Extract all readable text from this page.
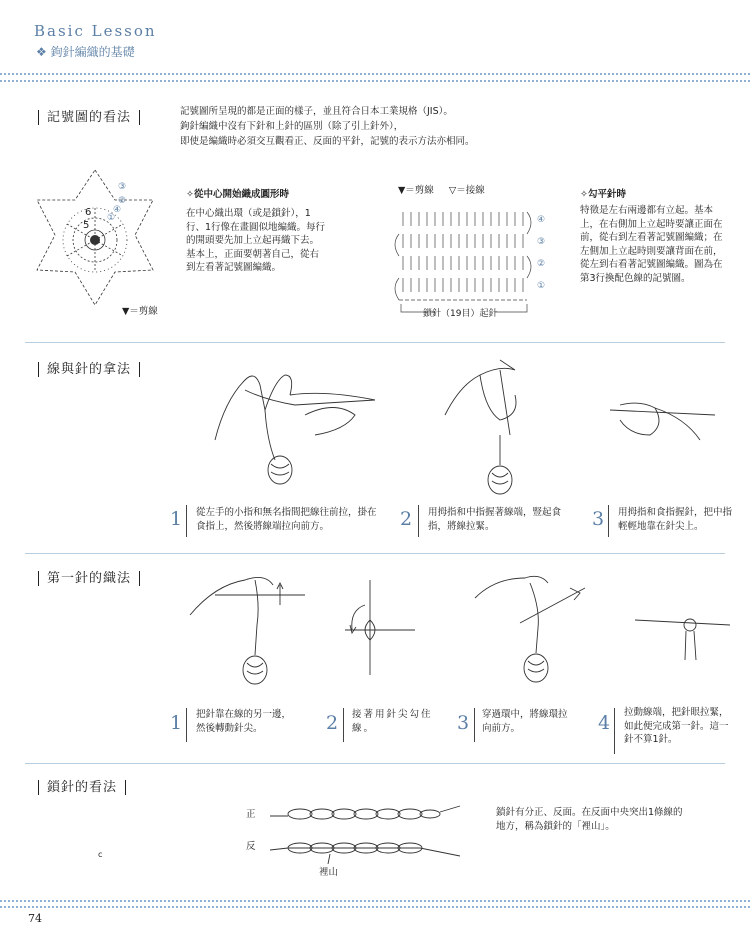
Basic Lesson
❖ 鉤針編織的基礎
記號圖的看法	記號圖所呈現的都是正面的樣子，並且符合日本工業規格（JIS）。
鉤針編織中沒有下針和上針的區別（除了引上針外），
即使是編織時必須交互觀看正、反面的平針，記號的表示方法亦相同。
6
5
③
②
①
④
▼＝剪線
✧從中心開始織成圓形時
在中心織出環（或是鎖針），1
行、1行像在畫圓似地編織。每行
的開頭要先加上立起再織下去。
基本上，正面要朝著自己，從右
到左看著記號圖編織。
▼＝剪線 ▽＝接線
④
③
②
①
鎖針（19目）起針
✧勾平針時
特徵是左右兩邊都有立起。基本
上，在右側加上立起時要讓正面在
前，從右到左看著記號圖編織；在
左側加上立起時則要讓背面在前，
從左到右看著記號圖編織。圖為在
第3行換配色線的記號圖。
線與針的拿法
1 從左手的小指和無名指間把線往前拉，掛在
食指上，然後將線端拉向前方。	2 用拇指和中指握著線端，豎起食
指，將線拉緊。	3 用拇指和食指握針，把中指
輕輕地靠在針尖上。
第一針的織法
1 把針靠在線的另一邊，
然後轉動針尖。	2 接著用針尖勾住
線。	3 穿過環中，將線環拉
向前方。	4 拉動線端，把針眼拉緊，
如此便完成第一針。這一
針不算1針。
鎖針的看法
正
反
裡山
鎖針有分正、反面。在反面中央突出1條線的
地方，稱為鎖針的「裡山」。
c
74
